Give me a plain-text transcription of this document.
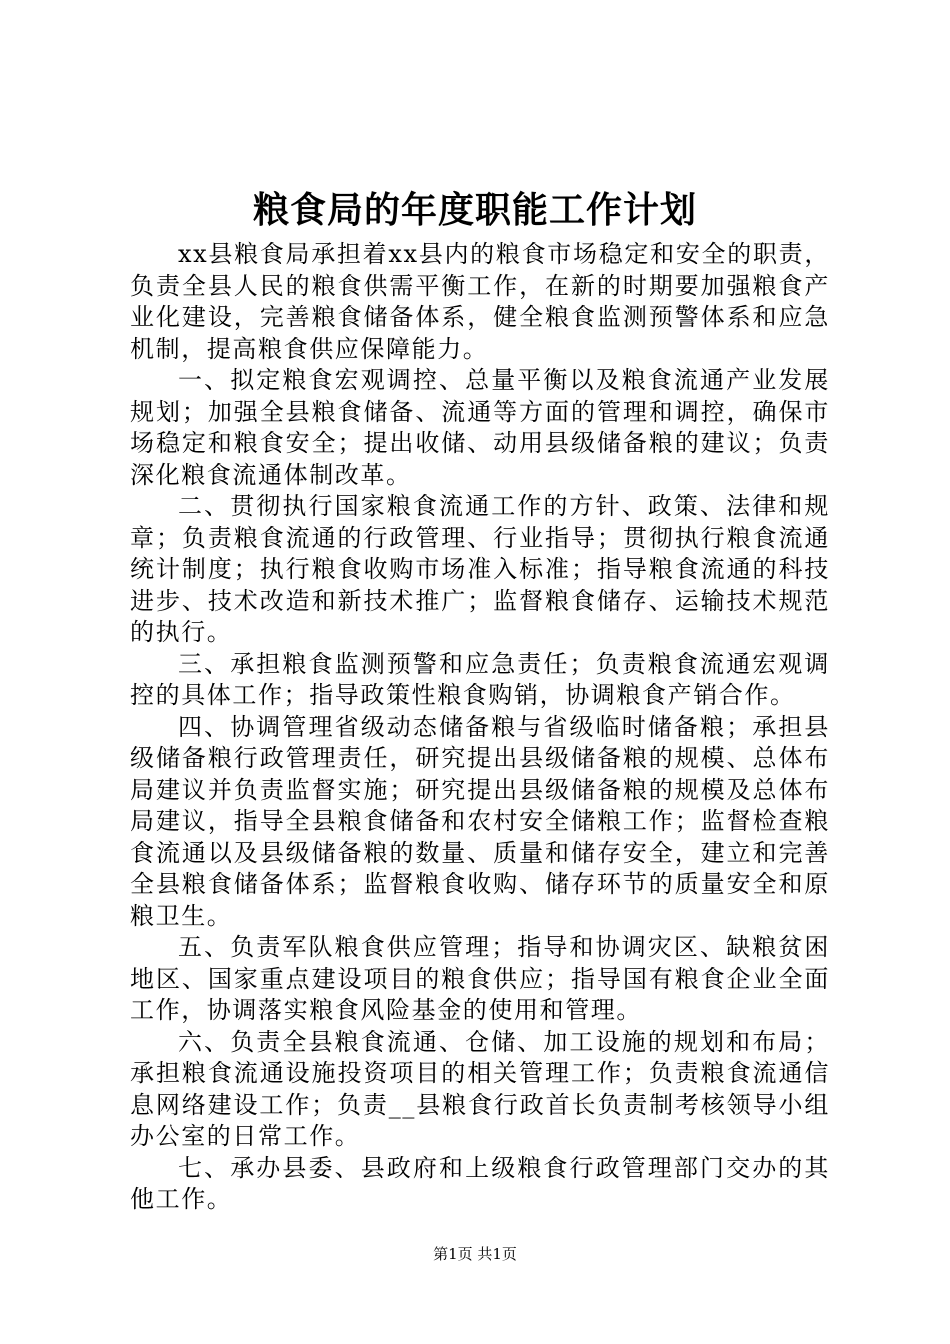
粮食局的年度职能工作计划

xx县粮食局承担着xx县内的粮食市场稳定和安全的职责，负责全县人民的粮食供需平衡工作，在新的时期要加强粮食产业化建设，完善粮食储备体系，健全粮食监测预警体系和应急机制，提高粮食供应保障能力。

一、拟定粮食宏观调控、总量平衡以及粮食流通产业发展规划；加强全县粮食储备、流通等方面的管理和调控，确保市场稳定和粮食安全；提出收储、动用县级储备粮的建议；负责深化粮食流通体制改革。

二、贯彻执行国家粮食流通工作的方针、政策、法律和规章；负责粮食流通的行政管理、行业指导；贯彻执行粮食流通统计制度；执行粮食收购市场准入标准；指导粮食流通的科技进步、技术改造和新技术推广；监督粮食储存、运输技术规范的执行。

三、承担粮食监测预警和应急责任；负责粮食流通宏观调控的具体工作；指导政策性粮食购销，协调粮食产销合作。

四、协调管理省级动态储备粮与省级临时储备粮；承担县级储备粮行政管理责任，研究提出县级储备粮的规模、总体布局建议并负责监督实施；研究提出县级储备粮的规模及总体布局建议，指导全县粮食储备和农村安全储粮工作；监督检查粮食流通以及县级储备粮的数量、质量和储存安全，建立和完善全县粮食储备体系；监督粮食收购、储存环节的质量安全和原粮卫生。

五、负责军队粮食供应管理；指导和协调灾区、缺粮贫困地区、国家重点建设项目的粮食供应；指导国有粮食企业全面工作，协调落实粮食风险基金的使用和管理。

六、负责全县粮食流通、仓储、加工设施的规划和布局；承担粮食流通设施投资项目的相关管理工作；负责粮食流通信息网络建设工作；负责__县粮食行政首长负责制考核领导小组办公室的日常工作。

七、承办县委、县政府和上级粮食行政管理部门交办的其他工作。

第1页 共1页
